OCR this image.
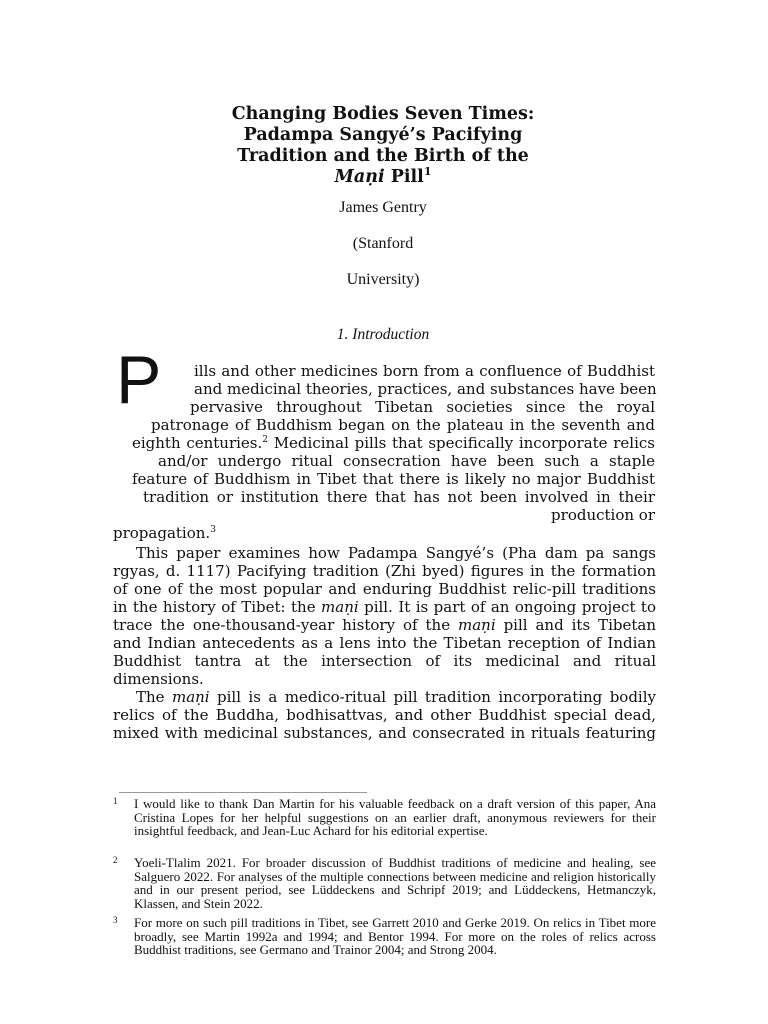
Changing Bodies Seven Times:
Padampa Sangyé’s Pacifying
Tradition and the Birth of the
Maṇi Pill$^1$

James Gentry

(Stanford

University)

1. Introduction

P ills and other medicines born from a confluence of Buddhist
and medicinal theories, practices, and substances have been
pervasive throughout Tibetan societies since the royal
patronage of Buddhism began on the plateau in the seventh and
eighth centuries.$^2$ Medicinal pills that specifically incorporate relics
and/or undergo ritual consecration have been such a staple
feature of Buddhism in Tibet that there is likely no major Buddhist
tradition or institution there that has not been involved in their
production or
propagation.$^3$
This paper examines how Padampa Sangyé’s (Pha dam pa sangs
rgyas, d. 1117) Pacifying tradition (Zhi byed) figures in the formation
of one of the most popular and enduring Buddhist relic-pill traditions
in the history of Tibet: the maṇi pill. It is part of an ongoing project to
trace the one-thousand-year history of the maṇi pill and its Tibetan
and Indian antecedents as a lens into the Tibetan reception of Indian
Buddhist tantra at the intersection of its medicinal and ritual
dimensions.
The maṇi pill is a medico-ritual pill tradition incorporating bodily
relics of the Buddha, bodhisattvas, and other Buddhist special dead,
mixed with medicinal substances, and consecrated in rituals featuring
1 I would like to thank Dan Martin for his valuable feedback on a draft version of this paper, Ana Cristina Lopes for her helpful suggestions on an earlier draft, anonymous reviewers for their insightful feedback, and Jean-Luc Achard for his editorial expertise.
2 Yoeli-Tlalim 2021. For broader discussion of Buddhist traditions of medicine and healing, see Salguero 2022. For analyses of the multiple connections between medicine and religion historically and in our present period, see Lüddeckens and Schripf 2019; and Lüddeckens, Hetmanczyk, Klassen, and Stein 2022.
3 For more on such pill traditions in Tibet, see Garrett 2010 and Gerke 2019. On relics in Tibet more broadly, see Martin 1992a and 1994; and Bentor 1994. For more on the roles of relics across Buddhist traditions, see Germano and Trainor 2004; and Strong 2004.
